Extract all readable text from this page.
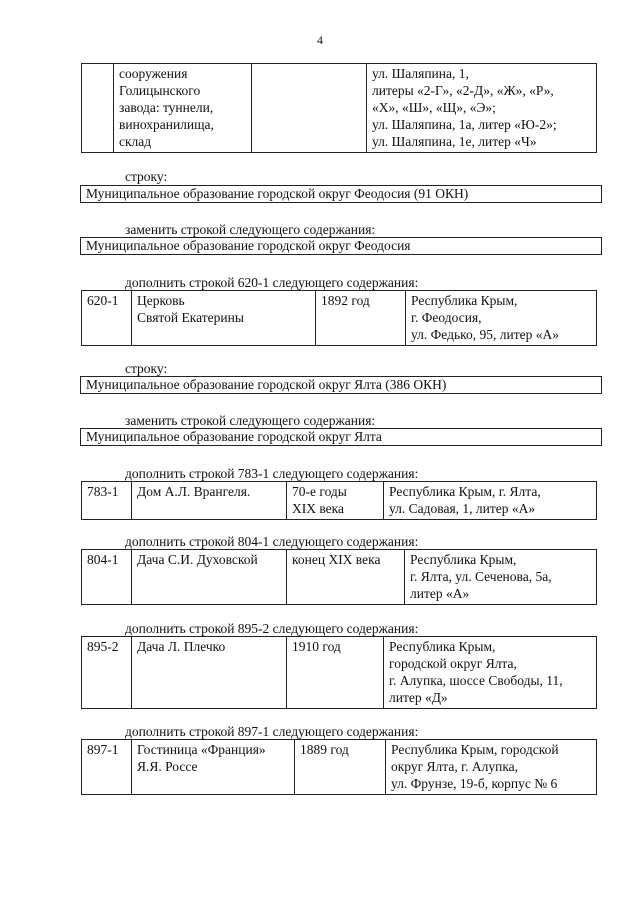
4
	сооружения
Голицынского
завода: туннели,
винохранилища,
склад		ул. Шаляпина, 1,
литеры «2-Г», «2-Д», «Ж», «Р»,
«Х», «Ш», «Щ», «Э»;
ул. Шаляпина, 1а, литер «Ю-2»;
ул. Шаляпина, 1е, литер «Ч»
строку:
Муниципальное образование городской округ Феодосия (91 ОКН)
заменить строкой следующего содержания:
Муниципальное образование городской округ Феодосия
дополнить строкой 620-1 следующего содержания:
620-1	Церковь
Святой Екатерины	1892 год	Республика Крым,
г. Феодосия,
ул. Федько, 95, литер «А»
строку:
Муниципальное образование городской округ Ялта (386 ОКН)
заменить строкой следующего содержания:
Муниципальное образование городской округ Ялта
дополнить строкой 783-1 следующего содержания:
783-1	Дом А.Л. Врангеля.	70-е годы
XIX века	Республика Крым, г. Ялта,
ул. Садовая, 1, литер «А»
дополнить строкой 804-1 следующего содержания:
804-1	Дача С.И. Духовской	конец XIX века	Республика Крым,
г. Ялта, ул. Сеченова, 5а,
литер «А»
дополнить строкой 895-2 следующего содержания:
895-2	Дача Л. Плечко	1910 год	Республика Крым,
городской округ Ялта,
г. Алупка, шоссе Свободы, 11,
литер «Д»
дополнить строкой 897-1 следующего содержания:
897-1	Гостиница «Франция»
Я.Я. Россе	1889 год	Республика Крым, городской
округ Ялта, г. Алупка,
ул. Фрунзе, 19-б, корпус № 6
